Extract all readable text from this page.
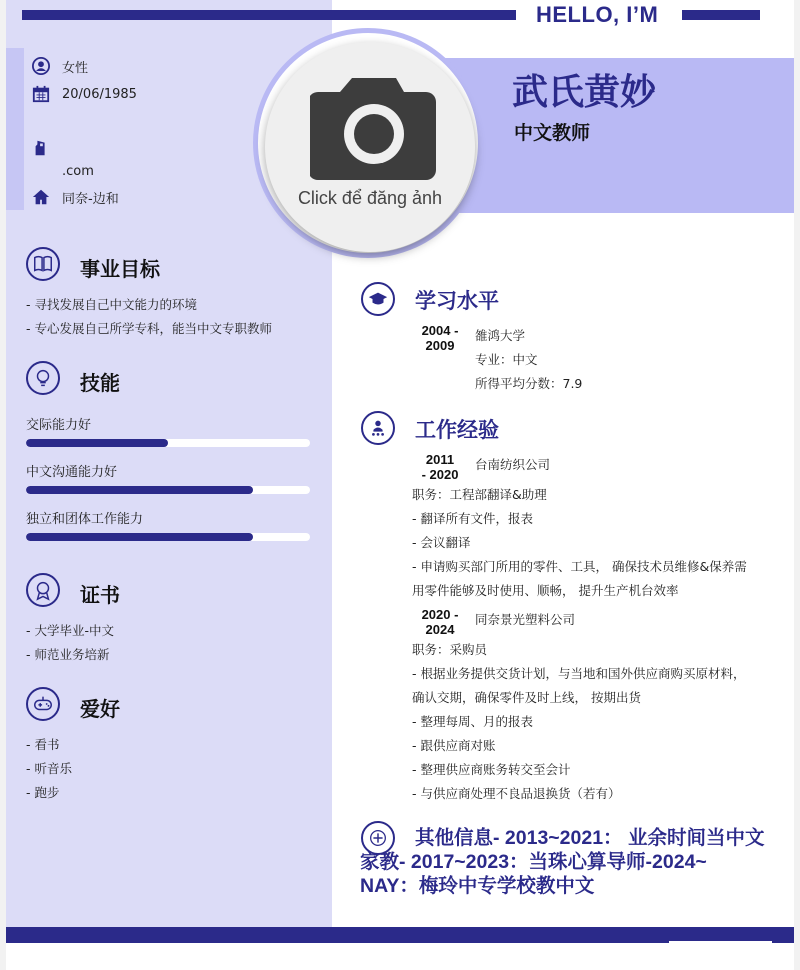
HELLO, I’M
武氏黄妙
中文教师
Click để đăng ảnh
女性
20/06/1985
.com
同奈-边和
事业目标
- 寻找发展自己中文能力的环境
- 专心发展自己所学专科，能当中文专职教师
技能
交际能力好
中文沟通能力好
独立和团体工作能力
证书
- 大学毕业-中文
- 师范业务培新
爱好
- 看书
- 听音乐
- 跑步
学习水平
2004 -
2009
雒鸿大学
专业：中文
所得平均分数：7.9
工作经验
2011
- 2020
台南纺织公司
职务：工程部翻译&助理
- 翻译所有文件，报表
- 会议翻译
- 申请购买部门所用的零件、工具， 确保技术员维修&保养需
用零件能够及时使用、顺畅， 提升生产机台效率
2020 -
2024
同奈景光塑料公司
职务：采购员
- 根据业务提供交货计划，与当地和国外供应商购买原材料，
确认交期，确保零件及时上线， 按期出货
- 整理每周、月的报表
- 跟供应商对账
- 整理供应商账务转交至会计
- 与供应商处理不良品退换货（若有）
其他信息- 2013~2021： 业余时间当中文家教- 2017~2023：当珠心算导师-2024~ NAY：梅玲中专学校教中文
